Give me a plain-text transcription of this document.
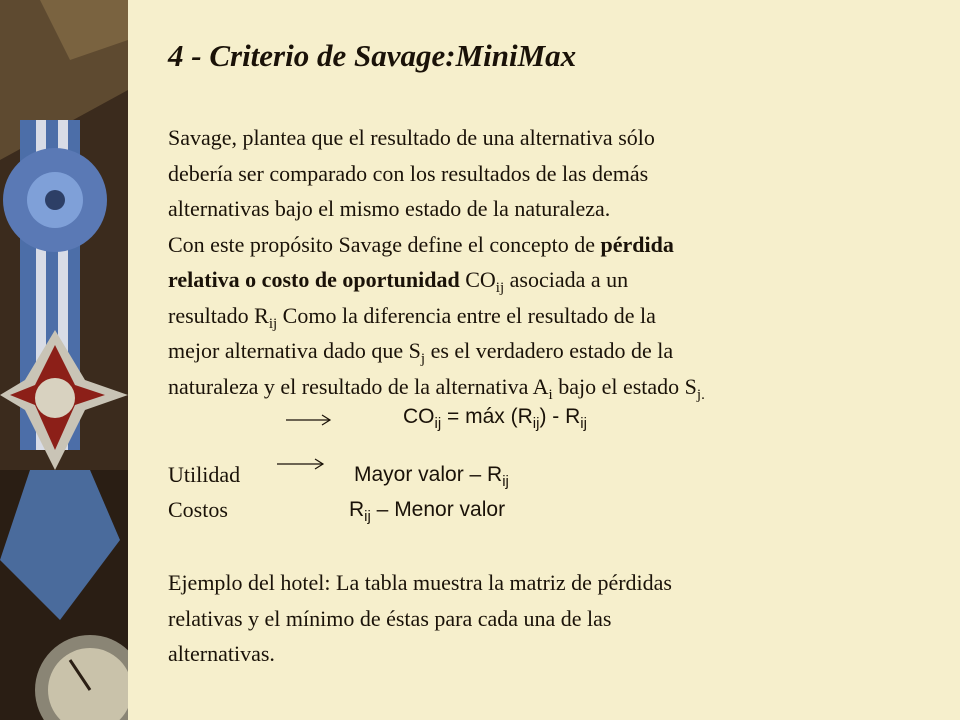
4 - Criterio de Savage:MiniMax

Savage, plantea que el resultado de una alternativa sólo

debería ser comparado con los resultados de las demás

alternativas bajo el mismo estado de la naturaleza.

Con este propósito Savage define el concepto de pérdida

relativa o costo de oportunidad $CO_{ij}$ asociada a un

resultado $R_{ij}$ Como la diferencia entre el resultado de la

mejor alternativa dado que $S_j$ es el verdadero estado de la

naturaleza y el resultado de la alternativa $A_i$ bajo el estado $S_{j.}$

$CO_{ij}$ = máx $(R_{ij}) - R_{ij}$
Utilidad	Mayor valor – $R_{ij}$
Costos	$R_{ij}$ – Menor valor

Ejemplo del hotel: La tabla muestra la matriz de pérdidas

relativas y el mínimo de éstas para cada una de las

alternativas.
